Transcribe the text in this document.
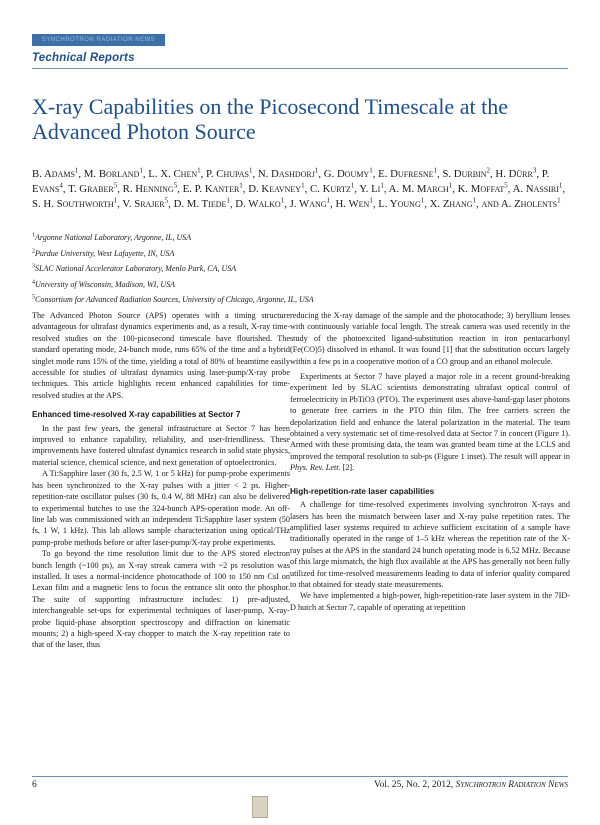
SYNCHROTRON RADIATION NEWS
Technical Reports
X-ray Capabilities on the Picosecond Timescale at the Advanced Photon Source
B. Adams$^1$, M. Borland$^1$, L. X. Chen$^1$, P. Chupas$^1$, N. Dashdorj$^1$, G. Doumy$^1$, E. Dufresne$^1$, S. Durbin$^2$, H. Dürr$^3$, P. Evans$^4$, T. Graber$^5$, R. Henning$^5$, E. P. Kanter$^1$, D. Keavney$^1$, C. Kurtz$^1$, Y. Li$^1$, A. M. March$^1$, K. Moffat$^5$, A. Nassiri$^1$, S. H. Southworth$^1$, V. Srajer$^5$, D. M. Tiede$^1$, D. Walko$^1$, J. Wang$^1$, H. Wen$^1$, L. Young$^1$, X. Zhang$^1$, and A. Zholents$^1$
$^1$Argonne National Laboratory, Argonne, IL, USA
$^2$Purdue University, West Lafayette, IN, USA
$^3$SLAC National Accelerator Laboratory, Menlo Park, CA, USA
$^4$University of Wisconsin, Madison, WI, USA
$^5$Consortium for Advanced Radiation Sources, University of Chicago, Argonne, IL, USA

The Advanced Photon Source (APS) operates with a timing structure advantageous for ultrafast dynamics experiments and, as a result, X-ray time-resolved studies on the 100-picosecond timescale have flourished. The standard operating mode, 24-bunch mode, runs 65% of the time and a hybrid singlet mode runs 15% of the time, yielding a total of 80% of beamtime easily accessible for studies of ultrafast dynamics using laser-pump/X-ray probe techniques. This article highlights recent enhanced capabilities for time-resolved studies at the APS.

Enhanced time-resolved X-ray capabilities at Sector 7

In the past few years, the general infrastructure at Sector 7 has been improved to enhance capability, reliability, and user-friendliness. These improvements have fostered ultrafast dynamics research in solid state physics, material science, chemical science, and next generation of optoelectronics.

A Ti:Sapphire laser (30 fs, 2.5 W, 1 or 5 kHz) for pump-probe experiments has been synchronized to the X-ray pulses with a jitter < 2 ps. Higher-repetition-rate oscillator pulses (30 fs, 0.4 W, 88 MHz) can also be delivered to experimental hutches to use the 324-bunch APS-operation mode. An off-line lab was commissioned with an independent Ti:Sapphire laser system (50 fs, 1 W, 1 kHz). This lab allows sample characterization using optical/THz pump-probe methods before or after laser-pump/X-ray probe experiments.

To go beyond the time resolution limit due to the APS stored electron bunch length (~100 ps), an X-ray streak camera with ~2 ps resolution was installed. It uses a normal-incidence photocathode of 100 to 150 nm CsI on Lexan film and a magnetic lens to focus the entrance slit onto the phosphor. The suite of supporting infrastructure includes: 1) pre-adjusted, interchangeable set-ups for experimental techniques of laser-pump, X-ray-probe liquid-phase absorption spectroscopy and diffraction on kinematic mounts; 2) a high-speed X-ray chopper to match the X-ray repetition rate to that of the laser, thus

reducing the X-ray damage of the sample and the photocathode; 3) beryllium lenses with continuously variable focal length. The streak camera was used recently in the study of the photoexcited ligand-substitution reaction in iron pentacarbonyl (Fe(CO)5) dissolved in ethanol. It was found [1] that the substitution occurs largely within a few ps in a cooperative motion of a CO group and an ethanol molecule.

Experiments at Sector 7 have played a major role in a recent ground-breaking experiment led by SLAC scientists demonstrating ultrafast optical control of ferroelectricity in PbTiO3 (PTO). The experiment uses above-band-gap laser photons to generate free carriers in the PTO thin film. The free carriers screen the depolarization field and enhance the lateral polarization in the material. The team obtained a very systematic set of time-resolved data at Sector 7 in concert (Figure 1). Armed with these promising data, the team was granted beam time at the LCLS and improved the temporal resolution to sub-ps (Figure 1 inset). The result will appear in Phys. Rev. Lett. [2].

High-repetition-rate laser capabilities

A challenge for time-resolved experiments involving synchrotron X-rays and lasers has been the mismatch between laser and X-ray pulse repetition rates. The amplified laser systems required to achieve sufficient excitation of a sample have traditionally operated in the range of 1–5 kHz whereas the repetition rate of the X-ray pulses at the APS in the standard 24 bunch operating mode is 6.52 MHz. Because of this large mismatch, the high flux available at the APS has generally not been fully utilized for time-resolved measurements leading to data of inferior quality compared to that obtained for steady state measurements.

We have implemented a high-power, high-repetition-rate laser system in the 7ID-D hutch at Sector 7, capable of operating at repetition

6	Vol. 25, No. 2, 2012, Synchrotron Radiation News
